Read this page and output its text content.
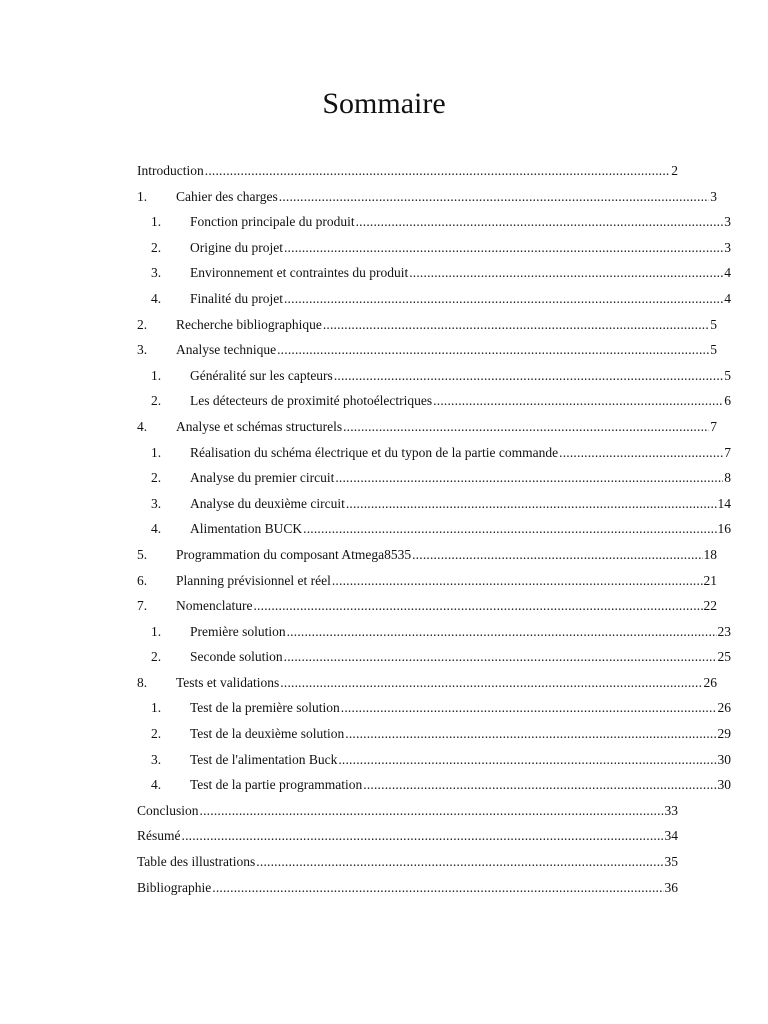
Sommaire
Introduction .....	2
1. Cahier des charges .....	3
1. Fonction principale du produit .....	3
2. Origine du projet .....	3
3. Environnement et contraintes du produit .....	4
4. Finalité du projet .....	4
2. Recherche bibliographique .....	5
3. Analyse technique .....	5
1. Généralité sur les capteurs .....	5
2. Les détecteurs de proximité photoélectriques .....	6
4. Analyse et schémas structurels .....	7
1. Réalisation du schéma électrique et du typon de la partie commande .....	7
2. Analyse du premier circuit .....	8
3. Analyse du deuxième circuit .....	14
4. Alimentation BUCK .....	16
5. Programmation du composant Atmega8535 .....	18
6. Planning prévisionnel et réel .....	21
7. Nomenclature .....	22
1. Première solution .....	23
2. Seconde solution .....	25
8. Tests et validations .....	26
1. Test de la première solution .....	26
2. Test de la deuxième solution .....	29
3. Test de l'alimentation Buck .....	30
4. Test de la partie programmation .....	30
Conclusion .....	33
Résumé .....	34
Table des illustrations .....	35
Bibliographie .....	36
